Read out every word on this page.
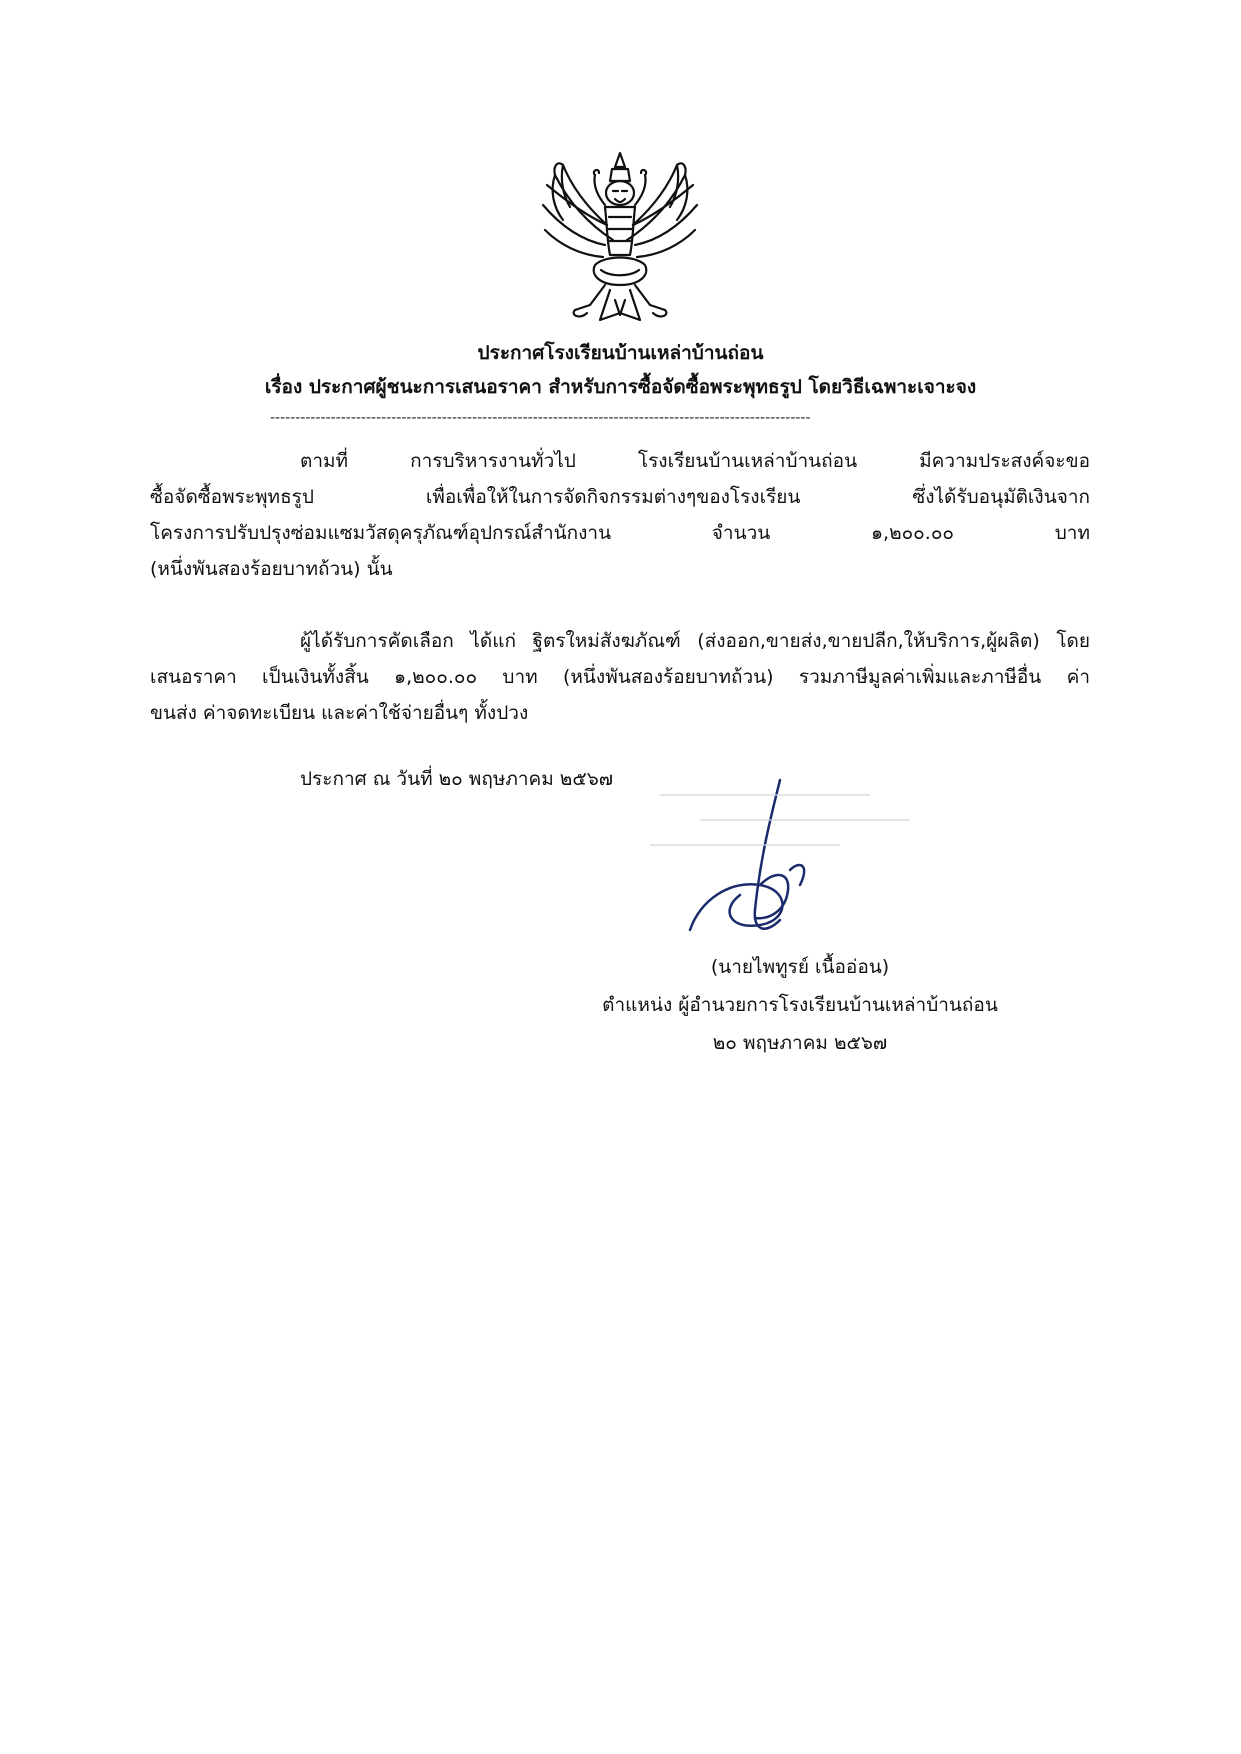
ประกาศโรงเรียนบ้านเหล่าบ้านถ่อน
เรื่อง ประกาศผู้ชนะการเสนอราคา สำหรับการซื้อจัดซื้อพระพุทธรูป โดยวิธีเฉพาะเจาะจง
-----------------------------------------------------------------------------------------------------------
ตามที่ การบริหารงานทั่วไป โรงเรียนบ้านเหล่าบ้านถ่อน มีความประสงค์จะขอ
ซื้อจัดซื้อพระพุทธรูป เพื่อเพื่อให้ในการจัดกิจกรรมต่างๆของโรงเรียน ซึ่งได้รับอนุมัติเงินจาก
โครงการปรับปรุงซ่อมแซมวัสดุครุภัณฑ์อุปกรณ์สำนักงาน จำนวน ๑,๒๐๐.๐๐ บาท
(หนึ่งพันสองร้อยบาทถ้วน) นั้น
ผู้ได้รับการคัดเลือก ได้แก่ ฐิตรใหม่สังฆภัณฑ์ (ส่งออก,ขายส่ง,ขายปลีก,ให้บริการ,ผู้ผลิต) โดย
เสนอราคา เป็นเงินทั้งสิ้น ๑,๒๐๐.๐๐ บาท (หนึ่งพันสองร้อยบาทถ้วน) รวมภาษีมูลค่าเพิ่มและภาษีอื่น ค่า
ขนส่ง ค่าจดทะเบียน และค่าใช้จ่ายอื่นๆ ทั้งปวง
ประกาศ ณ วันที่ ๒๐ พฤษภาคม ๒๕๖๗
(นายไพทูรย์ เนื้ออ่อน)
ตำแหน่ง ผู้อำนวยการโรงเรียนบ้านเหล่าบ้านถ่อน
๒๐ พฤษภาคม ๒๕๖๗
